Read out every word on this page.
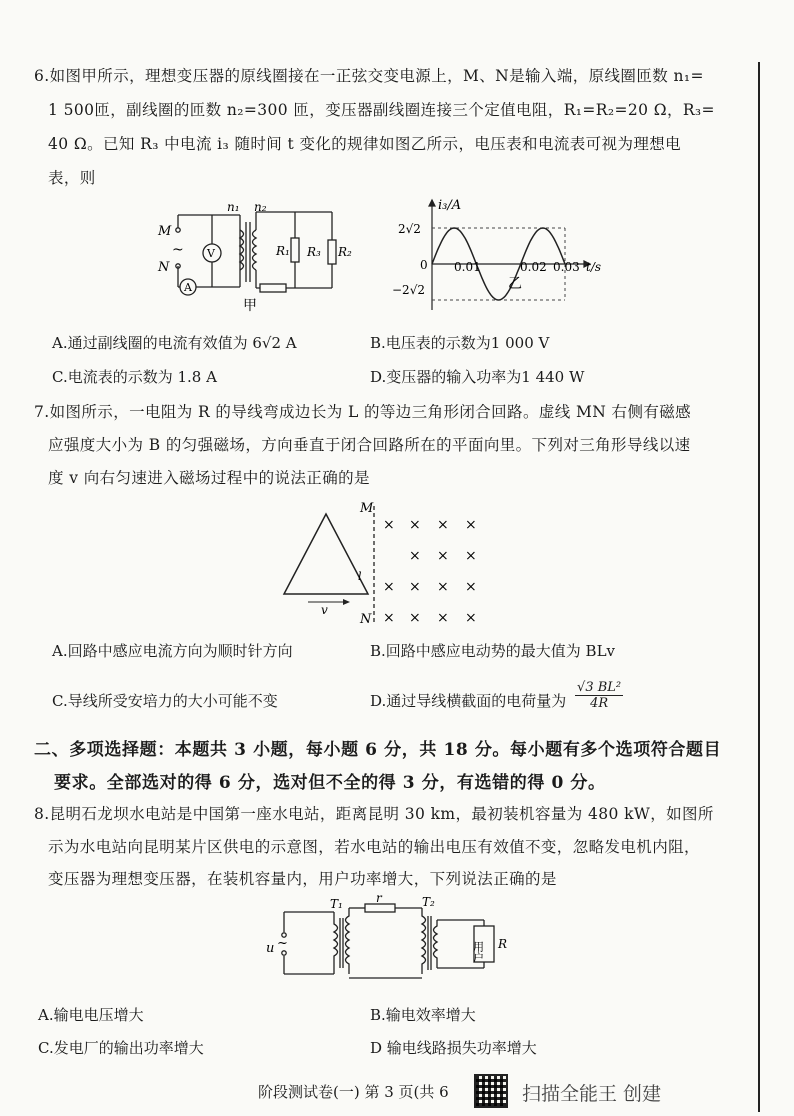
6.如图甲所示，理想变压器的原线圈接在一正弦交变电源上，M、N是输入端，原线圈匝数 n₁=
1 500匝，副线圈的匝数 n₂=300 匝，变压器副线圈连接三个定值电阻，R₁=R₂=20 Ω，R₃=
40 Ω。已知 R₃ 中电流 i₃ 随时间 t 变化的规律如图乙所示，电压表和电流表可视为理想电
表，则
M
N
~ V
A
n₁ n₂
R₁ R₃ R₂
甲
i₃/A
2√2
0
−2√2
0.01	0.02 0.03 t/s
乙
A.通过副线圈的电流有效值为 6√2 A	B.电压表的示数为1 000 V
C.电流表的示数为 1.8 A	D.变压器的输入功率为1 440 W
7.如图所示，一电阻为 R 的导线弯成边长为 L 的等边三角形闭合回路。虚线 MN 右侧有磁感
应强度大小为 B 的匀强磁场，方向垂直于闭合回路所在的平面向里。下列对三角形导线以速
度 v 向右匀速进入磁场过程中的说法正确的是
v
l
M
N
× × × ×
× × ×
× × × ×
× × × ×
A.回路中感应电流方向为顺时针方向	B.回路中感应电动势的最大值为 BLv
C.导线所受安培力的大小可能不变	D.通过导线横截面的电荷量为 $\frac{\text{√3 BL²}}{4R}$
二、多项选择题：本题共 3 小题，每小题 6 分，共 18 分。每小题有多个选项符合题目
要求。全部选对的得 6 分，选对但不全的得 3 分，有选错的得 0 分。
8.昆明石龙坝水电站是中国第一座水电站，距离昆明 30 km，最初装机容量为 480 kW，如图所
示为水电站向昆明某片区供电的示意图，若水电站的输出电压有效值不变，忽略发电机内阻，
变压器为理想变压器，在装机容量内，用户功率增大，下列说法正确的是
T₁	T₂
r
u ~	用户 R
A.输电电压增大	B.输电效率增大
C.发电厂的输出功率增大	D 输电线路损失功率增大
阶段测试卷(一) 第 3 页(共 6	扫描全能王 创建
